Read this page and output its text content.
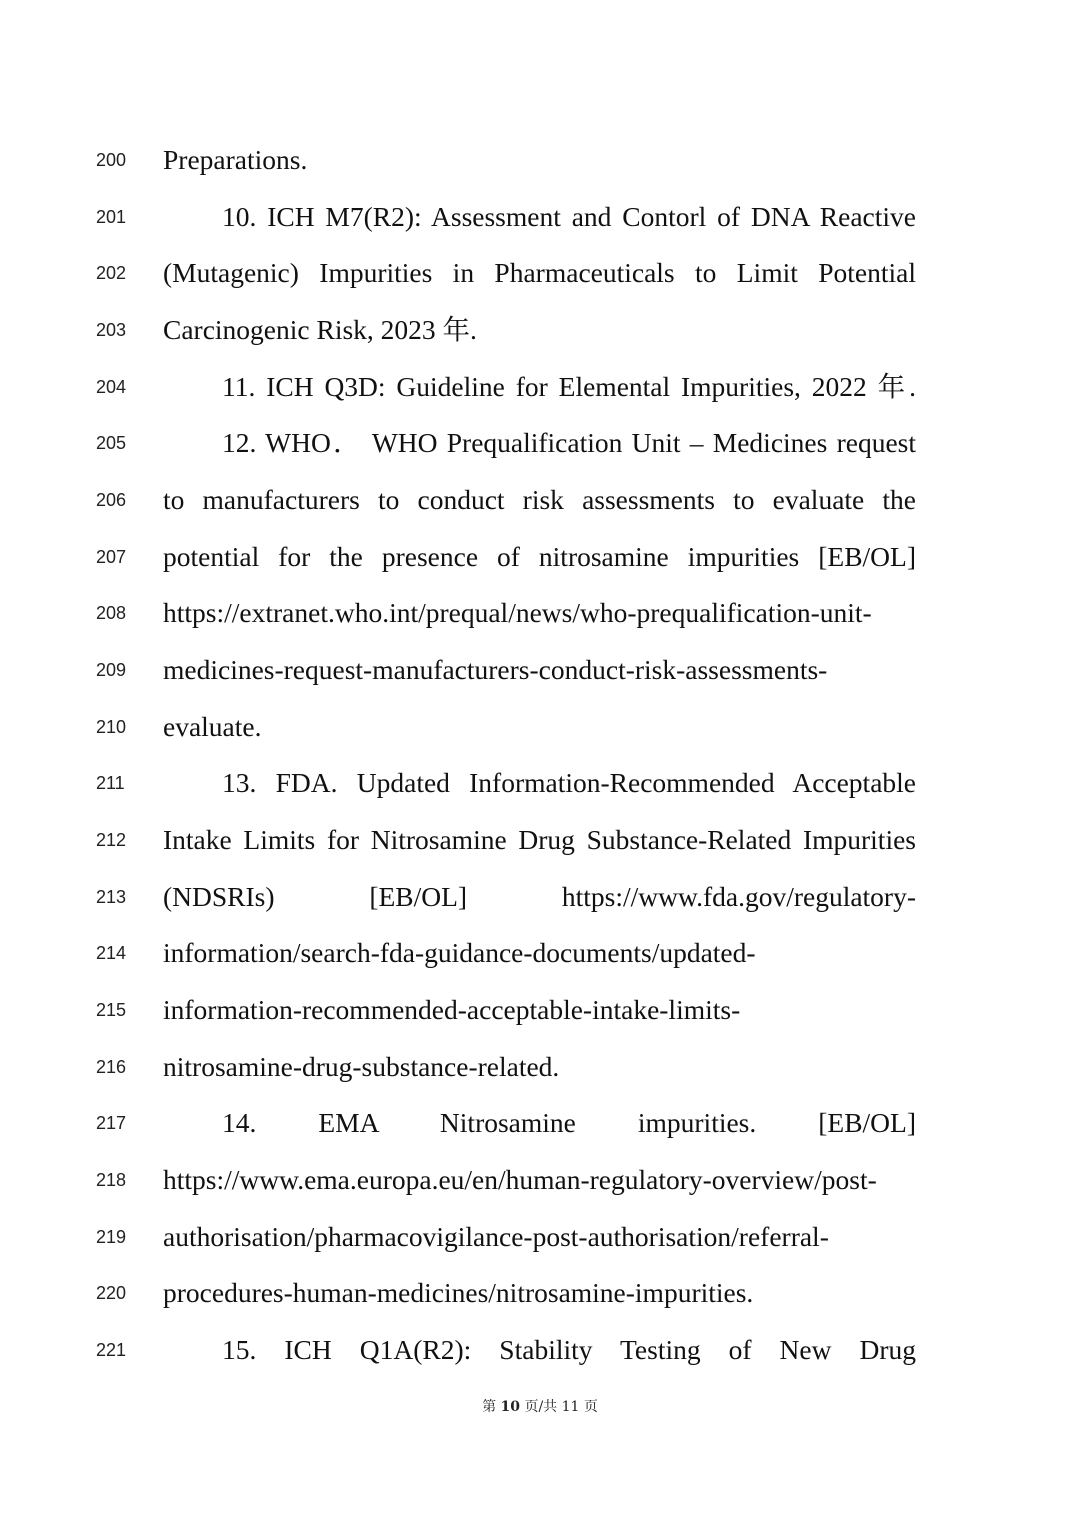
200	Preparations.
201	10. ICH M7(R2): Assessment and Contorl of DNA Reactive
202	(Mutagenic) Impurities in Pharmaceuticals to Limit Potential
203	Carcinogenic Risk, 2023 年.
204	11. ICH Q3D: Guideline for Elemental Impurities, 2022 年.
205	12. WHO． WHO Prequalification Unit – Medicines request
206	to manufacturers to conduct risk assessments to evaluate the
207	potential for the presence of nitrosamine impurities [EB/OL]
208	https://extranet.who.int/prequal/news/who-prequalification-unit-
209	medicines-request-manufacturers-conduct-risk-assessments-
210	evaluate.
211	13. FDA. Updated Information-Recommended Acceptable
212	Intake Limits for Nitrosamine Drug Substance-Related Impurities
213	(NDSRIs) [EB/OL] https://www.fda.gov/regulatory-
214	information/search-fda-guidance-documents/updated-
215	information-recommended-acceptable-intake-limits-
216	nitrosamine-drug-substance-related.
217	14. EMA Nitrosamine impurities. [EB/OL]
218	https://www.ema.europa.eu/en/human-regulatory-overview/post-
219	authorisation/pharmacovigilance-post-authorisation/referral-
220	procedures-human-medicines/nitrosamine-impurities.
221	15. ICH Q1A(R2): Stability Testing of New Drug
第 10 页/共 11 页
